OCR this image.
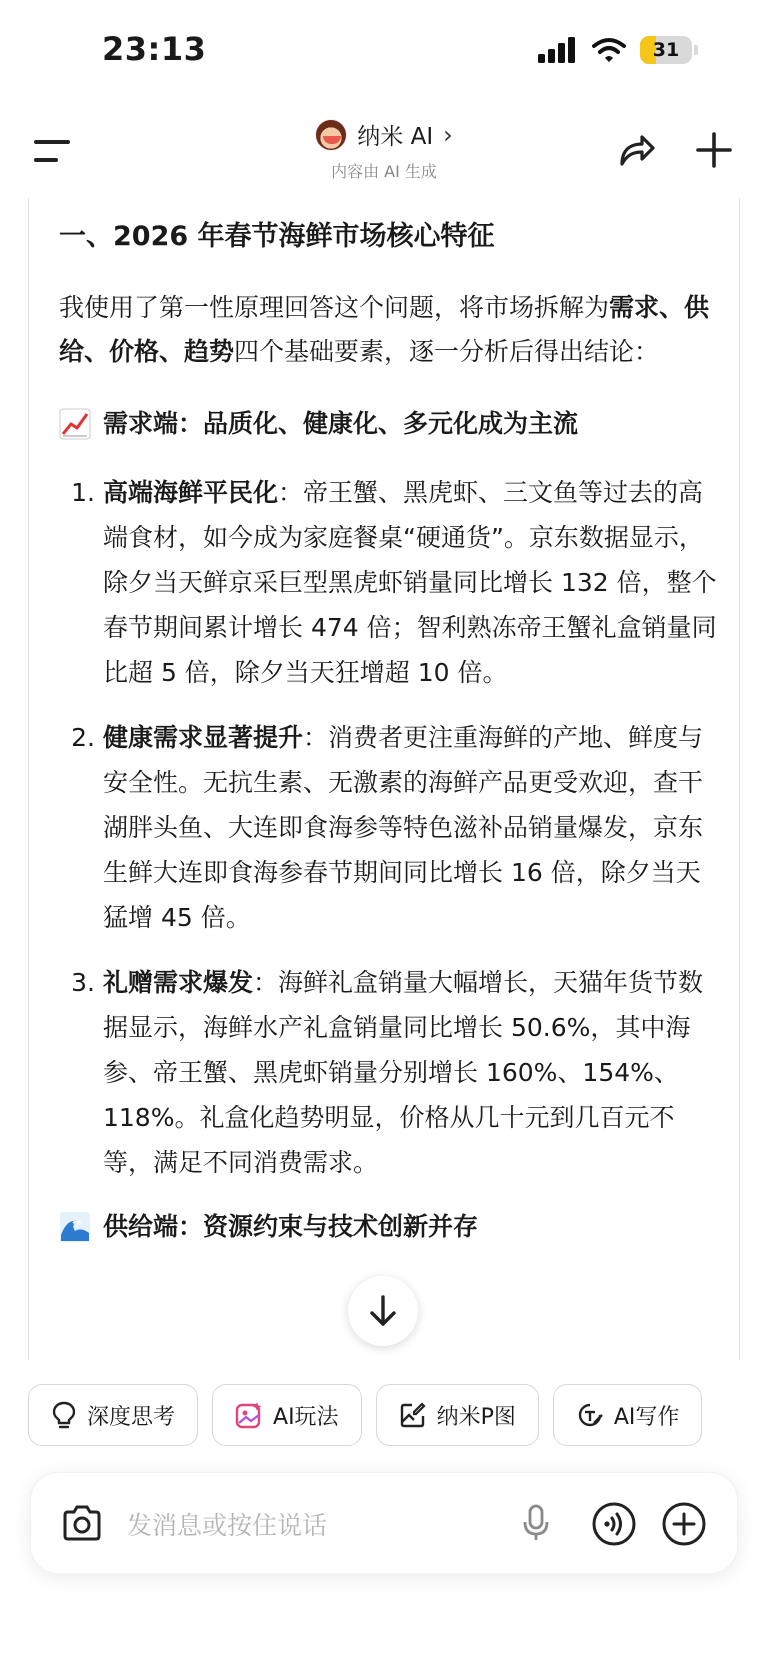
23:13	31
纳米 AI ›
内容由 AI 生成
一、2026 年春节海鲜市场核心特征
我使用了第一性原理回答这个问题，将市场拆解为需求、供给、价格、趋势四个基础要素，逐一分析后得出结论：
需求端：品质化、健康化、多元化成为主流
1. 高端海鲜平民化：帝王蟹、黑虎虾、三文鱼等过去的高端食材，如今成为家庭餐桌“硬通货”。京东数据显示，除夕当天鲜京采巨型黑虎虾销量同比增长 132 倍，整个春节期间累计增长 474 倍；智利熟冻帝王蟹礼盒销量同比超 5 倍，除夕当天狂增超 10 倍。
2. 健康需求显著提升：消费者更注重海鲜的产地、鲜度与安全性。无抗生素、无激素的海鲜产品更受欢迎，查干湖胖头鱼、大连即食海参等特色滋补品销量爆发，京东生鲜大连即食海参春节期间同比增长 16 倍，除夕当天猛增 45 倍。
3. 礼赠需求爆发：海鲜礼盒销量大幅增长，天猫年货节数据显示，海鲜水产礼盒销量同比增长 50.6%，其中海参、帝王蟹、黑虎虾销量分别增长 160%、154%、118%。礼盒化趋势明显，价格从几十元到几百元不等，满足不同消费需求。
供给端：资源约束与技术创新并存
深度思考	AI玩法	纳米P图	AI写作
发消息或按住说话
